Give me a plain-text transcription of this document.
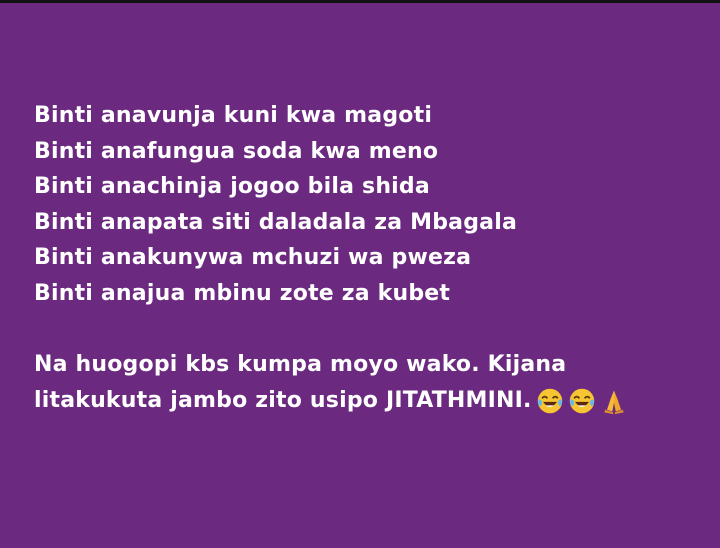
Binti anavunja kuni kwa magoti
Binti anafungua soda kwa meno
Binti anachinja jogoo bila shida
Binti anapata siti daladala za Mbagala
Binti anakunywa mchuzi wa pweza
Binti anajua mbinu zote za kubet
Na huogopi kbs kumpa moyo wako. Kijana
litakukuta jambo zito usipo JITATHMINI.
